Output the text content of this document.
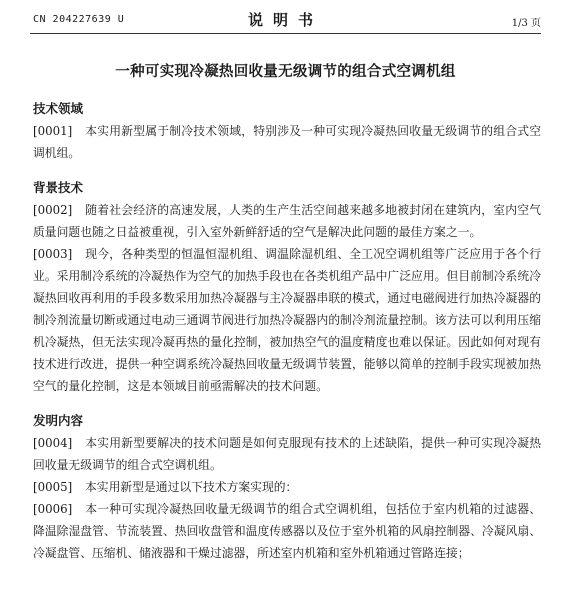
CN 204227639 U	说明书	1/3 页
一种可实现冷凝热回收量无级调节的组合式空调机组

技术领域

[0001] 本实用新型属于制冷技术领域，特别涉及一种可实现冷凝热回收量无级调节的组合式空调机组。

背景技术

[0002] 随着社会经济的高速发展，人类的生产生活空间越来越多地被封闭在建筑内，室内空气质量问题也随之日益被重视，引入室外新鲜舒适的空气是解决此问题的最佳方案之一。

[0003] 现今，各种类型的恒温恒湿机组、调温除湿机组、全工况空调机组等广泛应用于各个行业。采用制冷系统的冷凝热作为空气的加热手段也在各类机组产品中广泛应用。但目前制冷系统冷凝热回收再利用的手段多数采用加热冷凝器与主冷凝器串联的模式，通过电磁阀进行加热冷凝器的制冷剂流量切断或通过电动三通调节阀进行加热冷凝器内的制冷剂流量控制。该方法可以利用压缩机冷凝热，但无法实现冷凝再热的量化控制，被加热空气的温度精度也难以保证。因此如何对现有技术进行改进，提供一种空调系统冷凝热回收量无级调节装置，能够以简单的控制手段实现被加热空气的量化控制，这是本领域目前亟需解决的技术问题。

发明内容

[0004] 本实用新型要解决的技术问题是如何克服现有技术的上述缺陷，提供一种可实现冷凝热回收量无级调节的组合式空调机组。

[0005] 本实用新型是通过以下技术方案实现的：

[0006] 本一种可实现冷凝热回收量无级调节的组合式空调机组，包括位于室内机箱的过滤器、降温除湿盘管、节流装置、热回收盘管和温度传感器以及位于室外机箱的风扇控制器、冷凝风扇、冷凝盘管、压缩机、储液器和干燥过滤器，所述室内机箱和室外机箱通过管路连接；
